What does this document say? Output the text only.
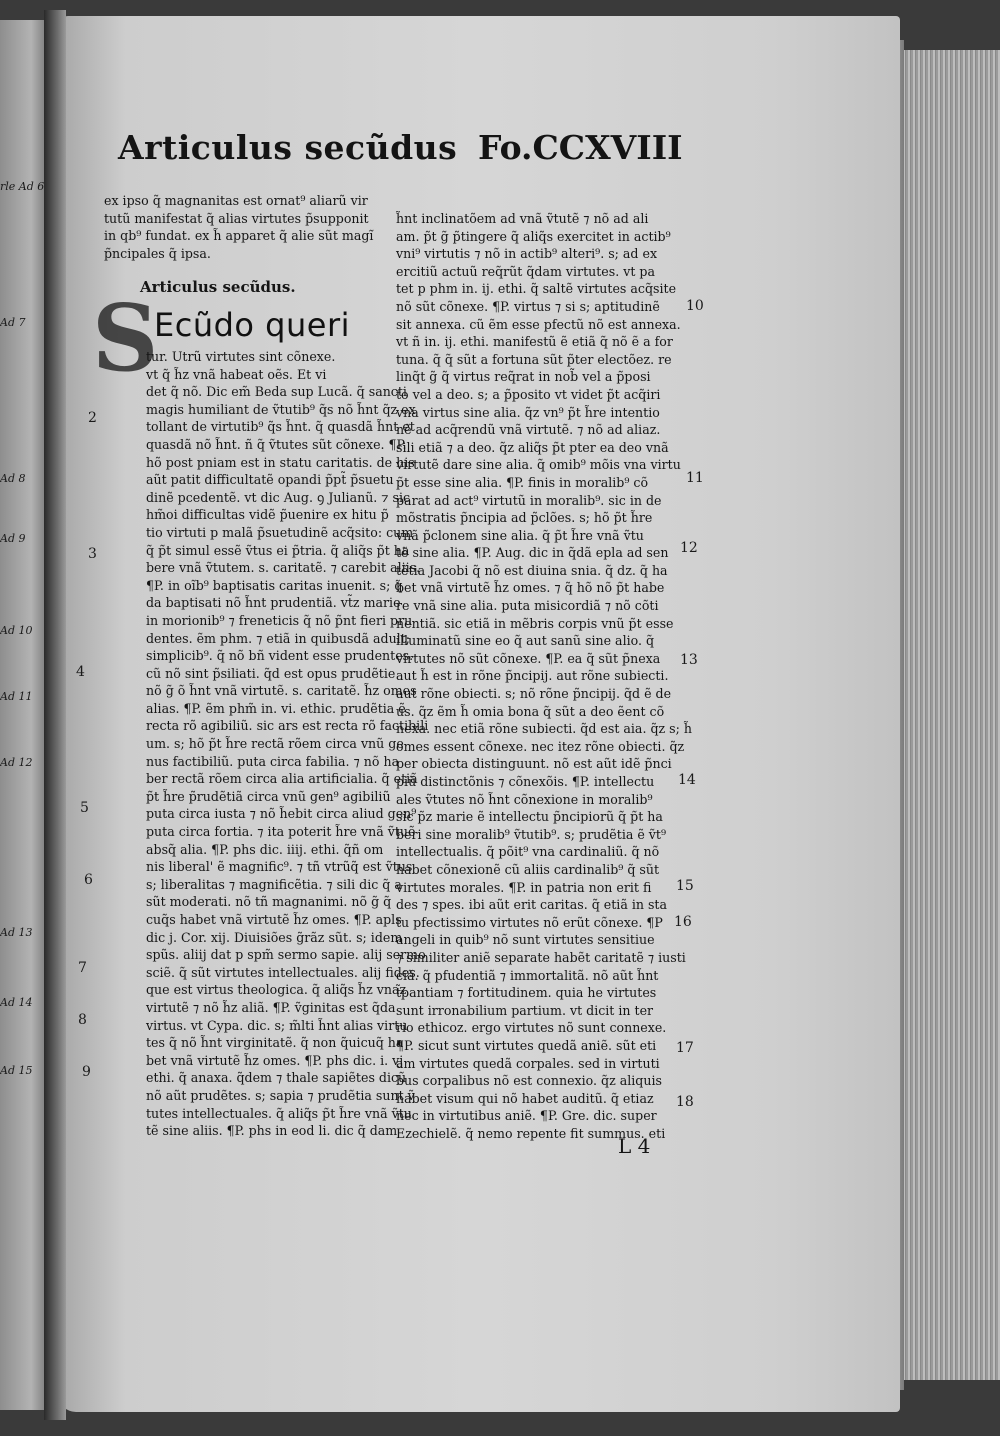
rle Ad 6
Ad 7
Ad 8
Ad 9
Ad 10
Ad 11
Ad 12
Ad 13
Ad 14
Ad 15
Articulus secũdus Fo.CCXVIII
ex ipso q̃ magnanitas est ornat⁹ aliarũ vir
tutũ manifestat q̃ alias virtutes p̃supponit
in qb⁹ fundat. ex h̃ apparet q̃ alie sũt magĩ
p̃ncipales q̃ ipsa.
Articulus secũdus.
S
Ecũdo queri
tur. Utrũ virtutes sint cõnexe.
vt q̃ h̃z vnã habeat oẽs. Et vi
det q̃ nõ. Dic em̃ Beda sup Lucã. q̃ sancti
magis humiliant de ṽtutib⁹ q̃s nõ h̃nt q̃z ex
tollant de virtutib⁹ q̃s h̃nt. q̃ quasdã h̃nt et
quasdã nõ h̃nt. ñ q̃ ṽtutes sũt cõnexe. ¶P.
hõ post pniam est in statu caritatis. de his
aũt patit difficultatẽ opandi p̃pt̃ p̃suetu
dinẽ pcedentẽ. vt dic Aug. ꝯ Julianũ. ⁊ sic
hm̃oi difficultas vidẽ p̃uenire ex hitu p̃
tio virtuti p malã p̃suetudinẽ acq̃sito: cum
q̃ p̃t simul essẽ ṽtus ei p̃tria. q̃ aliq̃s p̃t ha
bere vnã ṽtutem. s. caritatẽ. ⁊ carebit aliis.
¶P. in oĩb⁹ baptisatis caritas inuenit. s; q̃
da baptisati nõ h̃nt prudentiã. vt̃z marie
in morionib⁹ ⁊ freneticis q̃ nõ p̃nt fieri pru
dentes. ẽm phm. ⁊ etiã in quibusdã adult;
simplicib⁹. q̃ nõ bñ vident esse prudentes.
cũ nõ sint p̃siliati. q̃d est opus prudẽtie
nõ g̃ õ h̃nt vnã virtutẽ. s. caritatẽ. h̃z omes
alias. ¶P. ẽm phm̃ in. vi. ethic. prudẽtia ẽ
recta rõ agibiliũ. sic ars est recta rõ factibili
um. s; hõ p̃t h̃re rectã rõem circa vnũ ge
nus factibiliũ. puta circa fabilia. ⁊ nõ ha
ber rectã rõem circa alia artificialia. q̃ etiã
p̃t h̃re p̃rudẽtiã circa vnũ gen⁹ agibiliũ
puta circa iusta ⁊ nõ h̃ebit circa aliud gen⁹
puta circa fortia. ⁊ ita poterit h̃re vnã ṽtuẽ
absq̃ alia. ¶P. phs dic. iiij. ethi. q̃ñ om
nis liberal' ẽ magnific⁹. ⁊ tñ vtrũq̃ est ṽtus
s; liberalitas ⁊ magnificẽtia. ⁊ sili dic q̃ a
sũt moderati. nõ tñ magnanimi. nõ g̃ q̃
cuq̃s habet vnã virtutẽ h̃z omes. ¶P. apls
dic j. Cor. xij. Diuisiões g̃rãz sũt. s; idem
spũs. aliij dat p spm̃ sermo sapie. alij sermo
sciẽ. q̃ sũt virtutes intellectuales. alij fides.
que est virtus theologica. q̃ aliq̃s h̃z vnaz
virtutẽ ⁊ nõ h̃z aliã. ¶P. ṽginitas est q̃da
virtus. vt Cypa. dic. s; m̃lti h̃nt alias virtu
tes q̃ nõ h̃nt virginitatẽ. q̃ non q̃uicuq̃ ha
bet vnã virtutẽ h̃z omes. ¶P. phs dic. i. vj
ethi. q̃ anaxa. q̃dem ⁊ thale sapiẽtes dicũ
nõ aũt prudẽtes. s; sapia ⁊ prudẽtia sunt ṽ
tutes intellectuales. q̃ aliq̃s p̃t h̃re vnã ṽtu
tẽ sine aliis. ¶P. phs in eod li. dic q̃ dam
h̃nt inclinatõem ad vnã ṽtutẽ ⁊ nõ ad ali
am. p̃t g̃ p̃tingere q̃ aliq̃s exercitet in actib⁹
vni⁹ virtutis ⁊ nõ in actib⁹ alteri⁹. s; ad ex
ercitiũ actuũ req̃rũt q̃dam virtutes. vt pa
tet p phm in. ij. ethi. q̃ saltẽ virtutes acq̃site
nõ sũt cõnexe. ¶P. virtus ⁊ si s; aptitudinẽ
sit annexa. cũ ẽm esse pfectũ nõ est annexa.
vt ñ in. ij. ethi. manifestũ ẽ etiã q̃ nõ ẽ a for
tuna. q̃ q̃ sũt a fortuna sũt p̃ter electõez. re
linq̃t g̃ q̃ virtus req̃rat in nob̃ vel a p̃posi
to vel a deo. s; a p̃posito vt videt p̃t acq̃iri
vna virtus sine alia. q̃z vn⁹ p̃t h̃re intentio
nẽ ad acq̃rendũ vnã virtutẽ. ⁊ nõ ad aliaz.
sili etiã ⁊ a deo. q̃z aliq̃s p̃t pter ea deo vnã
virtutẽ dare sine alia. q̃ omib⁹ mõis vna virtu
p̃t esse sine alia. ¶P. finis in moralib⁹ cõ
parat ad act⁹ virtutũ in moralib⁹. sic in de
mõstratis p̃ncipia ad p̃clões. s; hõ p̃t h̃re
vnã p̃clonem sine alia. q̃ p̃t h̃re vnã ṽtu
tẽ sine alia. ¶P. Aug. dic in q̃dã epla ad sen
tẽtia Jacobi q̃ nõ est diuina snia. q̃ dz. q̃ ha
bet vnã virtutẽ h̃z omes. ⁊ q̃ hõ nõ p̃t habe
re vnã sine alia. puta misicordiã ⁊ nõ cõti
nentiã. sic etiã in mẽbris corpis vnũ p̃t esse
illuminatũ sine eo q̃ aut sanũ sine alio. q̃
virtutes nõ sũt cõnexe. ¶P. ea q̃ sũt p̃nexa
aut h̃ est in rõne p̃ncipij. aut rõne subiecti.
aut rõne obiecti. s; nõ rõne p̃ncipij. q̃d ẽ de
us. q̃z ẽm h̃ omia bona q̃ sũt a deo ẽent cõ
nexa. nec etiã rõne subiecti. q̃d est aia. q̃z s; h̃
omes essent cõnexe. nec itez rõne obiecti. q̃z
per obiecta distinguunt. nõ est aũt idẽ p̃nci
piũ distinctõnis ⁊ cõnexõis. ¶P. intellectu
ales ṽtutes nõ h̃nt cõnexione in moralib⁹
sic p̃z marie ẽ intellectu p̃ncipiorũ q̃ p̃t ha
beri sine moralib⁹ ṽtutib⁹. s; prudẽtia ẽ ṽt⁹
intellectualis. q̃ põit⁹ vna cardinaliũ. q̃ nõ
habet cõnexionẽ cũ aliis cardinalib⁹ q̃ sũt
virtutes morales. ¶P. in patria non erit fi
des ⁊ spes. ibi aũt erit caritas. q̃ etiã in sta
tu pfectissimo virtutes nõ erũt cõnexe. ¶P
angeli in quib⁹ nõ sunt virtutes sensitiue
⁊ similiter aniẽ separate habẽt caritatẽ ⁊ iusti
ciã. q̃ pfudentiã ⁊ immortalitã. nõ aũt h̃nt
t̃pantiam ⁊ fortitudinem. quia he virtutes
sunt irronabilium partium. vt dicit in ter
rio ethicoz. ergo virtutes nõ sunt connexe.
¶P. sicut sunt virtutes quedã aniẽ. sũt eti
am virtutes quedã corpales. sed in virtuti
bus corpalibus nõ est connexio. q̃z aliquis
habet visum qui nõ habet auditũ. q̃ etiaz
nec in virtutibus aniẽ. ¶P. Gre. dic. super
Ezechielẽ. q̃ nemo repente fit summus. eti
2
3
4
5
6
7
8
9
10
11
12
13
14
15
16
17
18
L 4
